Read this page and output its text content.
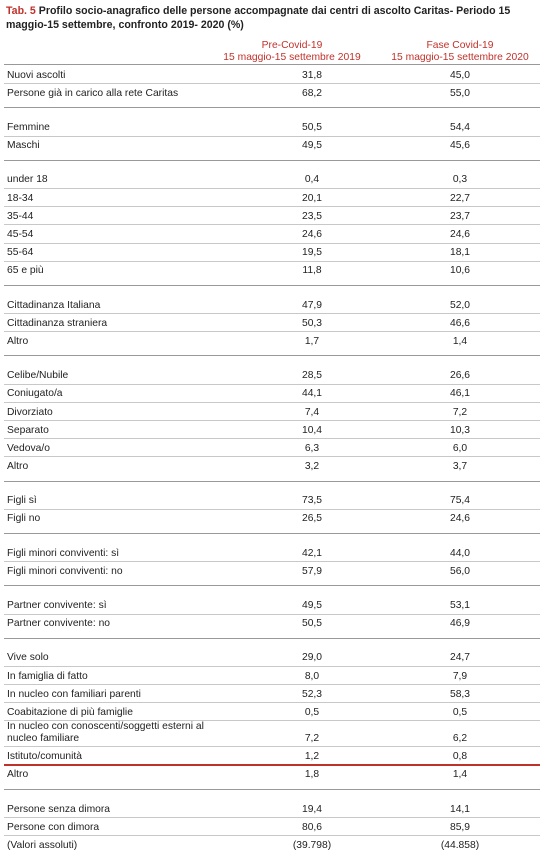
Tab. 5 Profilo socio-anagrafico delle persone accompagnate dai centri di ascolto Caritas- Periodo 15 maggio-15 settembre, confronto 2019- 2020 (%)
Pre-Covid-19
15 maggio-15 settembre 2019
Fase Covid-19
15 maggio-15 settembre 2020
Nuovi ascolti	31,8	45,0
Persone già in carico alla rete Caritas	68,2	55,0
Femmine	50,5	54,4
Maschi	49,5	45,6
under 18	0,4	0,3
18-34	20,1	22,7
35-44	23,5	23,7
45-54	24,6	24,6
55-64	19,5	18,1
65 e più	11,8	10,6
Cittadinanza Italiana	47,9	52,0
Cittadinanza straniera	50,3	46,6
Altro	1,7	1,4
Celibe/Nubile	28,5	26,6
Coniugato/a	44,1	46,1
Divorziato	7,4	7,2
Separato	10,4	10,3
Vedova/o	6,3	6,0
Altro	3,2	3,7
Figli sì	73,5	75,4
Figli no	26,5	24,6
Figli minori conviventi: sì	42,1	44,0
Figli minori conviventi: no	57,9	56,0
Partner convivente: sì	49,5	53,1
Partner convivente: no	50,5	46,9
Vive solo	29,0	24,7
In famiglia di fatto	8,0	7,9
In nucleo con familiari parenti	52,3	58,3
Coabitazione di più famiglie	0,5	0,5
In nucleo con conoscenti/soggetti esterni al nucleo familiare	7,2	6,2
Istituto/comunità	1,2	0,8
Altro	1,8	1,4
Persone senza dimora	19,4	14,1
Persone con dimora	80,6	85,9
(Valori assoluti)	(39.798)	(44.858)
